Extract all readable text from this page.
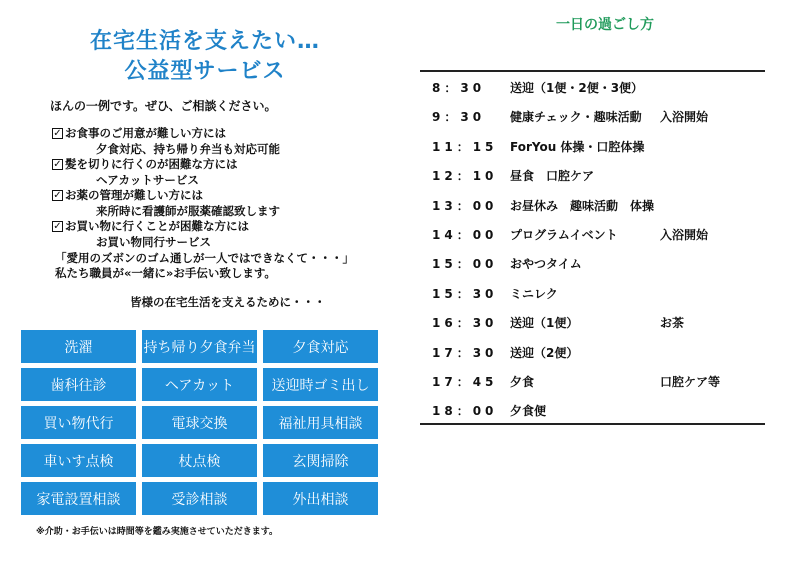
在宅生活を支えたい…
公益型サービス
ほんの一例です。ぜひ、ご相談ください。
✓ お食事のご用意が難しい方には
夕食対応、持ち帰り弁当も対応可能
✓ 髪を切りに行くのが困難な方には
ヘアカットサービス
✓ お薬の管理が難しい方には
来所時に看護師が服薬確認致します
✓ お買い物に行くことが困難な方には
お買い物同行サービス
「愛用のズボンのゴム通しが一人ではできなくて・・・」
私たち職員が«一緒に»お手伝い致します。
皆様の在宅生活を支えるために・・・
洗濯	持ち帰り夕食弁当	夕食対応
歯科往診	ヘアカット	送迎時ゴミ出し
買い物代行	電球交換	福祉用具相談
車いす点検	杖点検	玄関掃除
家電設置相談	受診相談	外出相談
※介助・お手伝いは時間等を鑑み実施させていただきます。
一日の過ごし方
8：30 送迎（1便・2便・3便）
9：30 健康チェック・趣味活動 入浴開始
11：15 ForYou 体操・口腔体操
12：10 昼食　口腔ケア
13：00 お昼休み　趣味活動　体操
14：00 プログラムイベント	入浴開始
15：00 おやつタイム
15：30 ミニレク
16：30 送迎（1便）	お茶
17：30 送迎（2便）
17：45 夕食	口腔ケア等
18：00 夕食便
